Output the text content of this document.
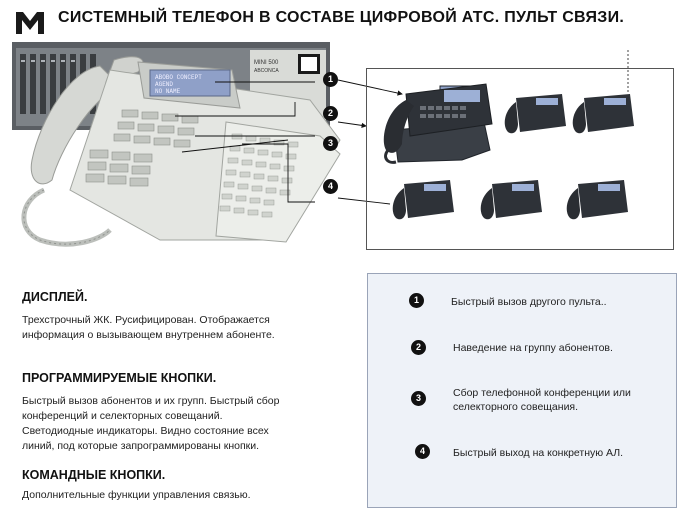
СИСТЕМНЫЙ ТЕЛЕФОН В СОСТАВЕ ЦИФРОВОЙ АТС. ПУЛЬТ СВЯЗИ.
MINI 500
ABCONCA
ABOBO CONCEPT
AGEND
NO NAME
1
2
3
4
ДИСПЛЕЙ.
Трехстрочный ЖК. Русифицирован. Отображается
информация о вызывающем внутреннем абоненте.
ПРОГРАММИРУЕМЫЕ КНОПКИ.
Быстрый вызов абонентов и их групп. Быстрый сбор
конференций и селекторных совещаний.
Светодиодные индикаторы. Видно состояние всех
линий, под которые запрограммированы кнопки.
КОМАНДНЫЕ КНОПКИ.
Дополнительные функции управления связью.
1	Быстрый вызов другого пульта..
2	Наведение на группу абонентов.
3	Сбор телефонной конференции или
селекторного совещания.
4	Быстрый выход на конкретную АЛ.
